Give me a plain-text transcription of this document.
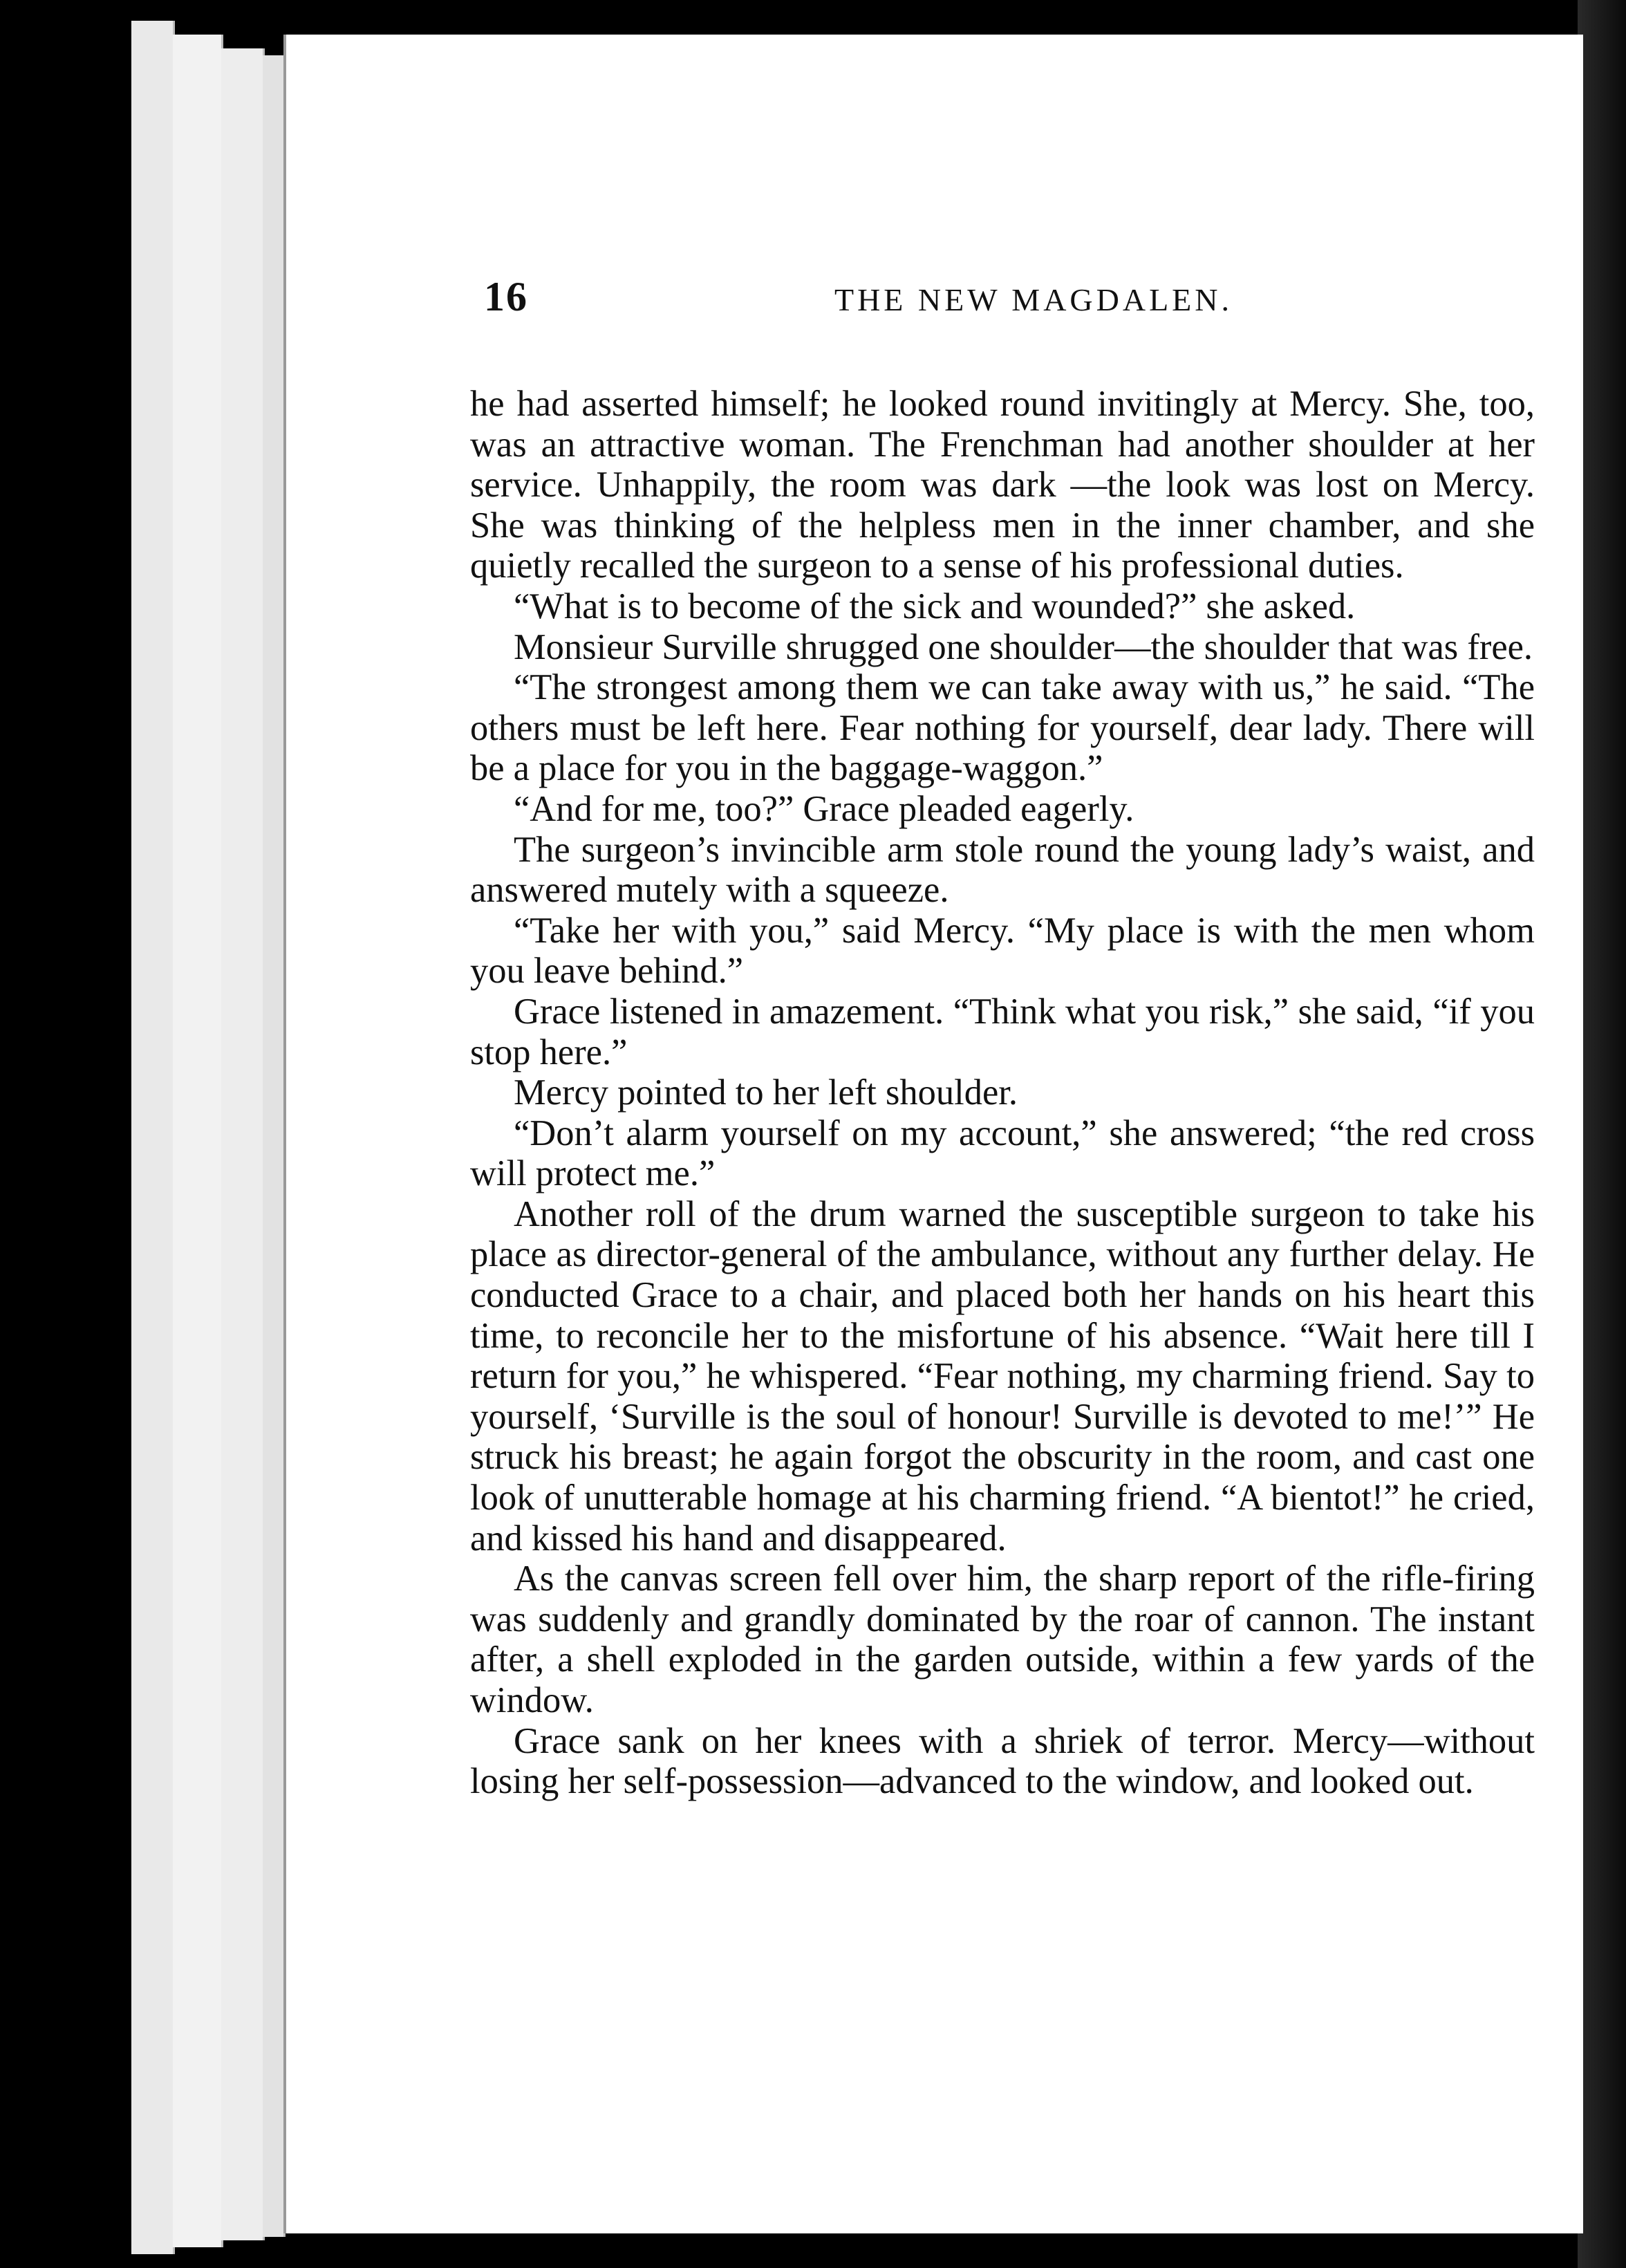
16	THE NEW MAGDALEN.

he had asserted himself; he looked round invitingly at Mercy. She, too, was an attractive woman. The Frenchman had another shoulder at her service. Unhappily, the room was dark —the look was lost on Mercy. She was thinking of the helpless men in the inner chamber, and she quietly recalled the surgeon to a sense of his professional duties.

“What is to become of the sick and wounded?” she asked.

Monsieur Surville shrugged one shoulder—the shoulder that was free.

“The strongest among them we can take away with us,” he said. “The others must be left here. Fear nothing for yourself, dear lady. There will be a place for you in the baggage-waggon.”

“And for me, too?” Grace pleaded eagerly.

The surgeon’s invincible arm stole round the young lady’s waist, and answered mutely with a squeeze.

“Take her with you,” said Mercy. “My place is with the men whom you leave behind.”

Grace listened in amazement. “Think what you risk,” she said, “if you stop here.”

Mercy pointed to her left shoulder.

“Don’t alarm yourself on my account,” she answered; “the red cross will protect me.”

Another roll of the drum warned the susceptible surgeon to take his place as director-general of the ambulance, without any further delay. He conducted Grace to a chair, and placed both her hands on his heart this time, to reconcile her to the misfortune of his absence. “Wait here till I return for you,” he whispered. “Fear nothing, my charming friend. Say to yourself, ‘Surville is the soul of honour! Surville is devoted to me!’” He struck his breast; he again forgot the obscurity in the room, and cast one look of unutterable homage at his charming friend. “A bientot!” he cried, and kissed his hand and disappeared.

As the canvas screen fell over him, the sharp report of the rifle-firing was suddenly and grandly dominated by the roar of cannon. The instant after, a shell exploded in the garden outside, within a few yards of the window.

Grace sank on her knees with a shriek of terror. Mercy—without losing her self-possession—advanced to the window, and looked out.
